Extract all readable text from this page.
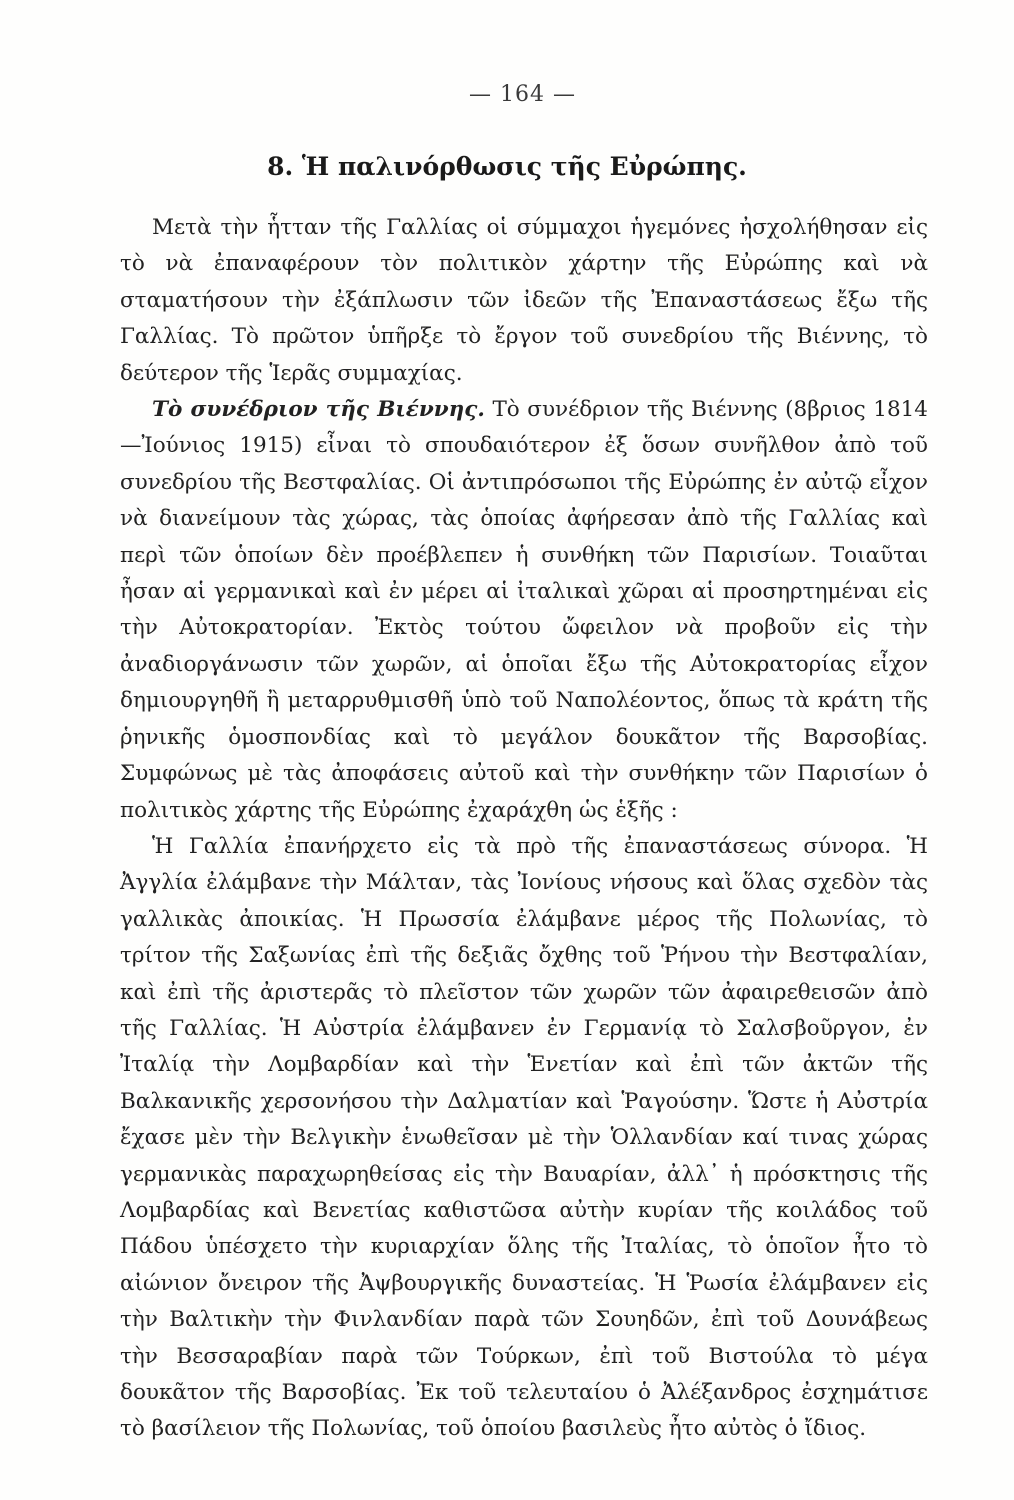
— 164 —
8. Ἡ παλινόρθωσις τῆς Εὐρώπης.

Μετὰ τὴν ἧτταν τῆς Γαλλίας οἱ σύμμαχοι ἡγεμόνες ἠσχολήθησαν εἰς τὸ νὰ ἐπαναφέρουν τὸν πολιτικὸν χάρτην τῆς Εὐρώπης καὶ νὰ σταματήσουν τὴν ἐξάπλωσιν τῶν ἰδεῶν τῆς Ἐπαναστάσεως ἔξω τῆς Γαλλίας. Τὸ πρῶτον ὑπῆρξε τὸ ἔργον τοῦ συνεδρίου τῆς Βιέννης, τὸ δεύτερον τῆς Ἱερᾶς συμμαχίας.

Τὸ συνέδριον τῆς Βιέννης. Τὸ συνέδριον τῆς Βιέννης (8βριος 1814 —Ἰούνιος 1915) εἶναι τὸ σπουδαιότερον ἐξ ὅσων συνῆλθον ἀπὸ τοῦ συνεδρίου τῆς Βεστφαλίας. Οἱ ἀντιπρόσωποι τῆς Εὐρώπης ἐν αὐτῷ εἶχον νὰ διανείμουν τὰς χώρας, τὰς ὁποίας ἀφήρεσαν ἀπὸ τῆς Γαλλίας καὶ περὶ τῶν ὁποίων δὲν προέβλεπεν ἡ συνθήκη τῶν Παρισίων. Τοιαῦται ἦσαν αἱ γερμανικαὶ καὶ ἐν μέρει αἱ ἰταλικαὶ χῶραι αἱ προσηρτημέναι εἰς τὴν Αὐτοκρατορίαν. Ἐκτὸς τούτου ὤφειλον νὰ προβοῦν εἰς τὴν ἀναδιοργάνωσιν τῶν χωρῶν, αἱ ὁποῖαι ἔξω τῆς Αὐτοκρατορίας εἶχον δημιουργηθῆ ἢ μεταρρυθμισθῆ ὑπὸ τοῦ Ναπολέοντος, ὅπως τὰ κράτη τῆς ῥηνικῆς ὁμοσπονδίας καὶ τὸ μεγάλον δουκᾶτον τῆς Βαρσοβίας. Συμφώνως μὲ τὰς ἀποφάσεις αὐτοῦ καὶ τὴν συνθήκην τῶν Παρισίων ὁ πολιτικὸς χάρτης τῆς Εὐρώπης ἐχαράχθη ὡς ἑξῆς :

Ἡ Γαλλία ἐπανήρχετο εἰς τὰ πρὸ τῆς ἐπαναστάσεως σύνορα. Ἡ Ἀγγλία ἐλάμβανε τὴν Μάλταν, τὰς Ἰονίους νήσους καὶ ὅλας σχεδὸν τὰς γαλλικὰς ἀποικίας. Ἡ Πρωσσία ἐλάμβανε μέρος τῆς Πολωνίας, τὸ τρίτον τῆς Σαξωνίας ἐπὶ τῆς δεξιᾶς ὄχθης τοῦ Ῥήνου τὴν Βεστφαλίαν, καὶ ἐπὶ τῆς ἀριστερᾶς τὸ πλεῖστον τῶν χωρῶν τῶν ἀφαιρεθεισῶν ἀπὸ τῆς Γαλλίας. Ἡ Αὐστρία ἐλάμβανεν ἐν Γερμανίᾳ τὸ Σαλσβοῦργον, ἐν Ἰταλίᾳ τὴν Λομβαρδίαν καὶ τὴν Ἑνετίαν καὶ ἐπὶ τῶν ἀκτῶν τῆς Βαλκανικῆς χερσονήσου τὴν Δαλματίαν καὶ Ῥαγούσην. Ὥστε ἡ Αὐστρία ἔχασε μὲν τὴν Βελγικὴν ἑνωθεῖσαν μὲ τὴν Ὁλλανδίαν καί τινας χώρας γερμανικὰς παραχωρηθείσας εἰς τὴν Βαυαρίαν, ἀλλ᾽ ἡ πρόσκτησις τῆς Λομβαρδίας καὶ Βενετίας καθιστῶσα αὐτὴν κυρίαν τῆς κοιλάδος τοῦ Πάδου ὑπέσχετο τὴν κυριαρχίαν ὅλης τῆς Ἰταλίας, τὸ ὁποῖον ἦτο τὸ αἰώνιον ὄνειρον τῆς Ἀψβουργικῆς δυναστείας. Ἡ Ῥωσία ἐλάμβανεν εἰς τὴν Βαλτικὴν τὴν Φινλανδίαν παρὰ τῶν Σουηδῶν, ἐπὶ τοῦ Δουνάβεως τὴν Βεσσαραβίαν παρὰ τῶν Τούρκων, ἐπὶ τοῦ Βιστούλα τὸ μέγα δουκᾶτον τῆς Βαρσοβίας. Ἐκ τοῦ τελευταίου ὁ Ἀλέξανδρος ἐσχημάτισε τὸ βασίλειον τῆς Πολωνίας, τοῦ ὁποίου βασιλεὺς ἦτο αὐτὸς ὁ ἴδιος.
